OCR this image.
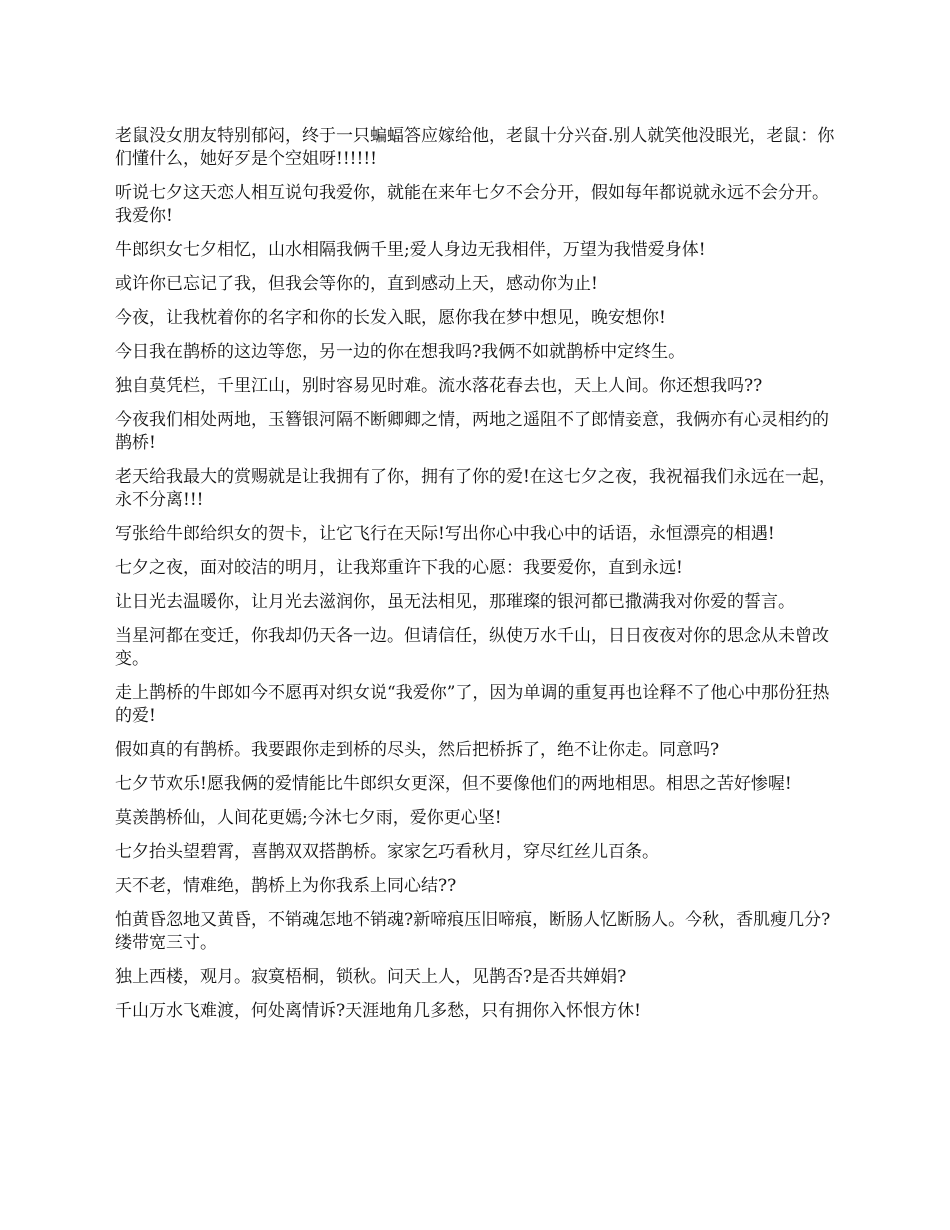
老鼠没女朋友特别郁闷，终于一只蝙蝠答应嫁给他，老鼠十分兴奋.别人就笑他没眼光，老鼠：你们懂什么，她好歹是个空姐呀!!!!!!

听说七夕这天恋人相互说句我爱你，就能在来年七夕不会分开，假如每年都说就永远不会分开。我爱你!

牛郎织女七夕相忆，山水相隔我俩千里;爱人身边无我相伴，万望为我惜爱身体!

或许你已忘记了我，但我会等你的，直到感动上天，感动你为止!

今夜，让我枕着你的名字和你的长发入眠，愿你我在梦中想见，晚安想你!

今日我在鹊桥的这边等您，另一边的你在想我吗?我俩不如就鹊桥中定终生。

独自莫凭栏，千里江山，别时容易见时难。流水落花春去也，天上人间。你还想我吗??

今夜我们相处两地，玉簪银河隔不断卿卿之情，两地之遥阻不了郎情妾意，我俩亦有心灵相约的鹊桥!

老天给我最大的赏赐就是让我拥有了你，拥有了你的爱!在这七夕之夜，我祝福我们永远在一起，永不分离!!!

写张给牛郎给织女的贺卡，让它飞行在天际!写出你心中我心中的话语，永恒漂亮的相遇!

七夕之夜，面对皎洁的明月，让我郑重许下我的心愿：我要爱你，直到永远!

让日光去温暖你，让月光去滋润你，虽无法相见，那璀璨的银河都已撒满我对你爱的誓言。

当星河都在变迁，你我却仍天各一边。但请信任，纵使万水千山，日日夜夜对你的思念从未曾改变。

走上鹊桥的牛郎如今不愿再对织女说“我爱你”了，因为单调的重复再也诠释不了他心中那份狂热的爱!

假如真的有鹊桥。我要跟你走到桥的尽头，然后把桥拆了，绝不让你走。同意吗?

七夕节欢乐!愿我俩的爱情能比牛郎织女更深，但不要像他们的两地相思。相思之苦好惨喔!

莫羡鹊桥仙，人间花更嫣;今沐七夕雨，爱你更心坚!

七夕抬头望碧霄，喜鹊双双搭鹊桥。家家乞巧看秋月，穿尽红丝儿百条。

天不老，情难绝，鹊桥上为你我系上同心结??

怕黄昏忽地又黄昏，不销魂怎地不销魂?新啼痕压旧啼痕，断肠人忆断肠人。今秋，香肌瘦几分?缕带宽三寸。

独上西楼，观月。寂寞梧桐，锁秋。问天上人，见鹊否?是否共婵娟?

千山万水飞难渡，何处离情诉?天涯地角几多愁，只有拥你入怀恨方休!
